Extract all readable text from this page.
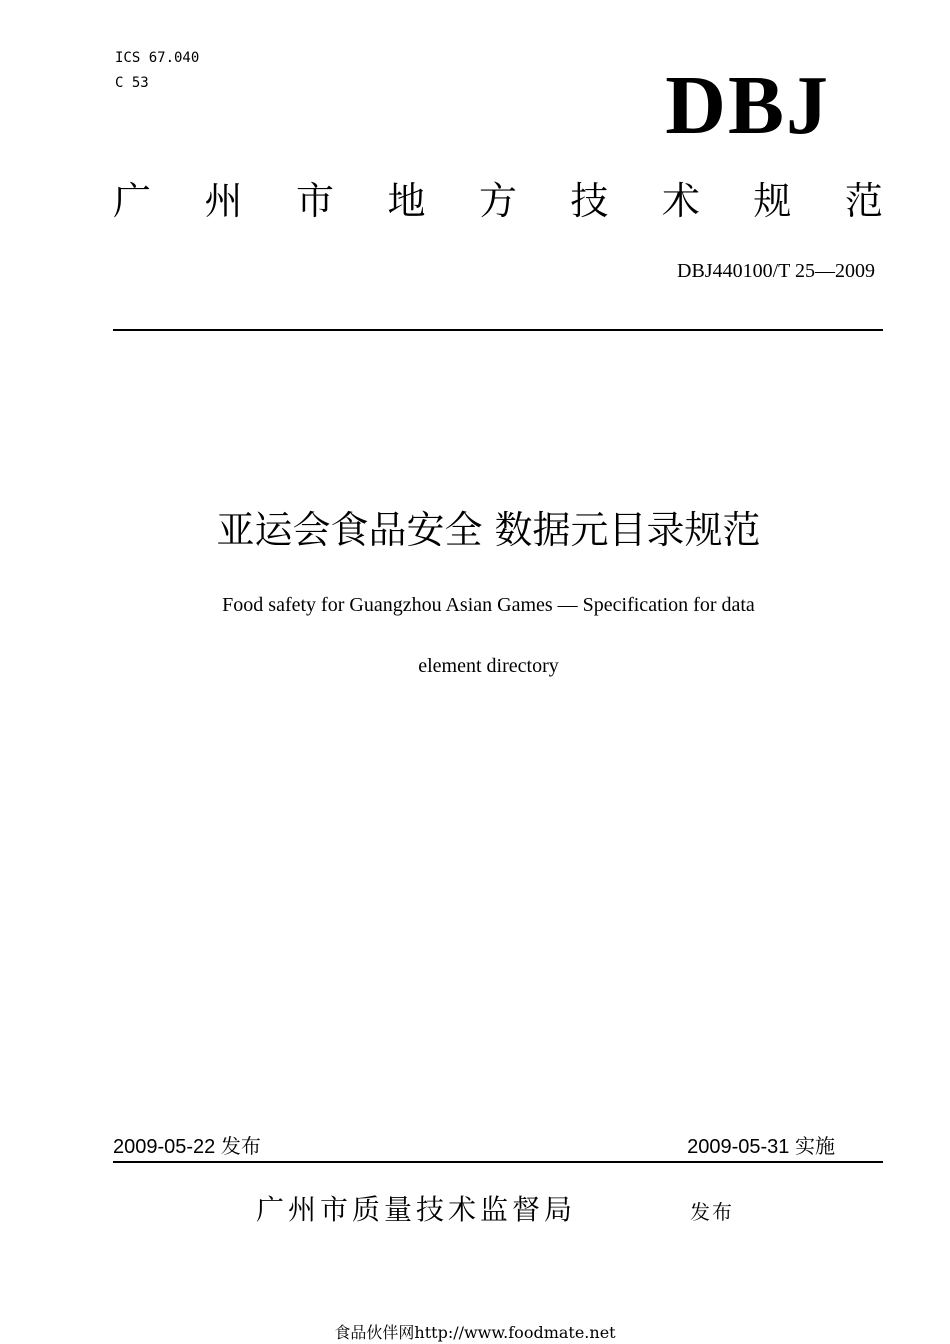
ICS 67.040
C 53	DBJ
广 州 市 地 方 技 术 规 范
DBJ440100/T 25—2009
亚运会食品安全 数据元目录规范
Food safety for Guangzhou Asian Games — Specification for data
element directory
2009-05-22 发布	2009-05-31 实施
广州市质量技术监督局	发布
食品伙伴网http://www.foodmate.net
